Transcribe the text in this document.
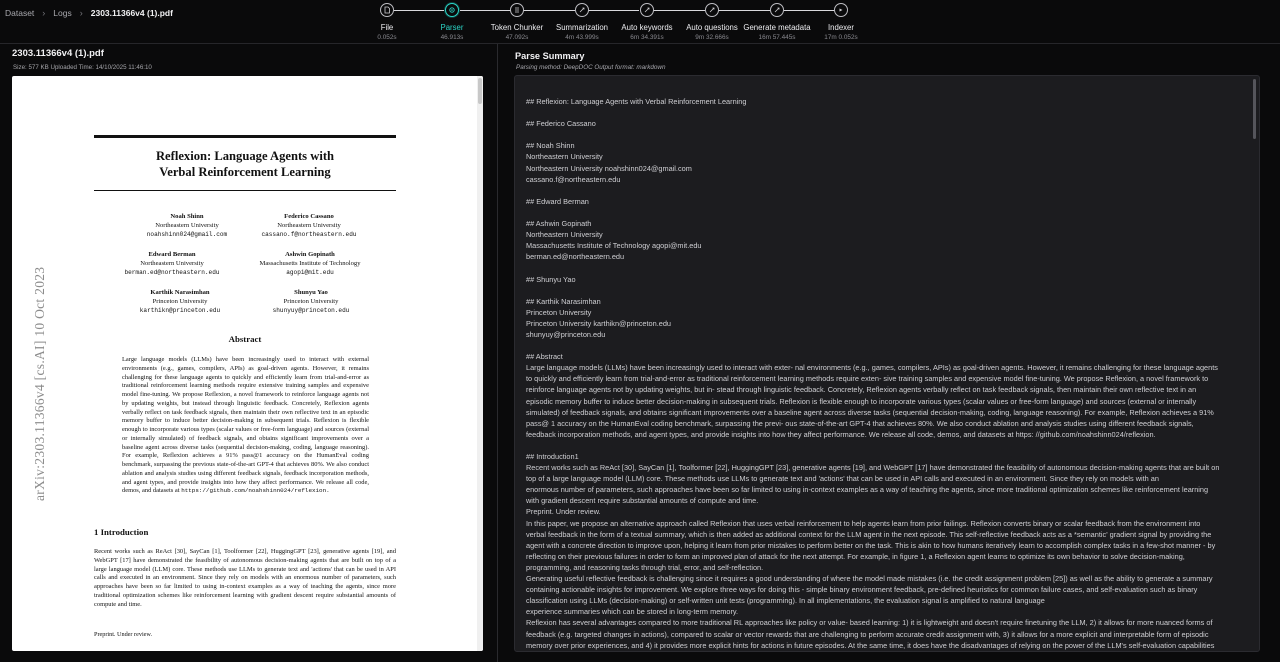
Dataset › Logs › 2303.11366v4 (1).pdf
File
0.052s
Parser
46.913s
Token Chunker
47.092s
Summarization
4m 43.999s
Auto keywords
6m 34.391s
Auto questions
9m 32.666s
Generate metadata
16m 57.445s
Indexer
17m 0.052s
2303.11366v4 (1).pdf
Size: 577 KB Uploaded Time: 14/10/2025 11:46:10
Reflexion: Language Agents with
Verbal Reinforcement Learning
arXiv:2303.11366v4 [cs.AI] 10 Oct 2023
Noah Shinn
Northeastern University
noahshinn024@gmail.com
Federico Cassano
Northeastern University
cassano.f@northeastern.edu
Edward Berman
Northeastern University
berman.ed@northeastern.edu
Ashwin Gopinath
Massachusetts Institute of Technology
agopi@mit.edu
Karthik Narasimhan
Princeton University
karthikn@princeton.edu
Shunyu Yao
Princeton University
shunyuy@princeton.edu
Abstract
Large language models (LLMs) have been increasingly used to interact with external environments (e.g., games, compilers, APIs) as goal-driven agents. However, it remains challenging for these language agents to quickly and efficiently learn from trial-and-error as traditional reinforcement learning methods require extensive training samples and expensive model fine-tuning. We propose Reflexion, a novel framework to reinforce language agents not by updating weights, but instead through linguistic feedback. Concretely, Reflexion agents verbally reflect on task feedback signals, then maintain their own reflective text in an episodic memory buffer to induce better decision-making in subsequent trials. Reflexion is flexible enough to incorporate various types (scalar values or free-form language) and sources (external or internally simulated) of feedback signals, and obtains significant improvements over a baseline agent across diverse tasks (sequential decision-making, coding, language reasoning). For example, Reflexion achieves a 91% pass@1 accuracy on the HumanEval coding benchmark, surpassing the previous state-of-the-art GPT-4 that achieves 80%. We also conduct ablation and analysis studies using different feedback signals, feedback incorporation methods, and agent types, and provide insights into how they affect performance. We release all code, demos, and datasets at https://github.com/noahshinn024/reflexion.
1 Introduction
Recent works such as ReAct [30], SayCan [1], Toolformer [22], HuggingGPT [23], generative agents [19], and WebGPT [17] have demonstrated the feasibility of autonomous decision-making agents that are built on top of a large language model (LLM) core. These methods use LLMs to generate text and 'actions' that can be used in API calls and executed in an environment. Since they rely on models with an enormous number of parameters, such approaches have been so far limited to using in-context examples as a way of teaching the agents, since more traditional optimization schemes like reinforcement learning with gradient descent require substantial amounts of compute and time.
Preprint. Under review.
Parse Summary
Parsing method: DeepDOC Output format: markdown
## Reflexion: Language Agents with Verbal Reinforcement Learning
## Federico Cassano
## Noah Shinn
Northeastern University
Northeastern University noahshinn024@gmail.com
cassano.f@northeastern.edu
## Edward Berman
## Ashwin Gopinath
Northeastern University
Massachusetts Institute of Technology agopi@mit.edu
berman.ed@northeastern.edu
## Shunyu Yao
## Karthik Narasimhan
Princeton University
Princeton University karthikn@princeton.edu
shunyuy@princeton.edu
## Abstract
Large language models (LLMs) have been increasingly used to interact with exter- nal environments (e.g., games, compilers, APIs) as goal-driven agents. However, it remains challenging for these language agents
to quickly and efficiently learn from trial-and-error as traditional reinforcement learning methods require exten- sive training samples and expensive model fine-tuning. We propose Reflexion, a novel framework to
reinforce language agents not by updating weights, but in- stead through linguistic feedback. Concretely, Reflexion agents verbally reflect on task feedback signals, then maintain their own reflective text in an
episodic memory buffer to induce better decision-making in subsequent trials. Reflexion is flexible enough to incorporate various types (scalar values or free-form language) and sources (external or internally
simulated) of feedback signals, and obtains significant improvements over a baseline agent across diverse tasks (sequential decision-making, coding, language reasoning). For example, Reflexion achieves a 91%
pass@ 1 accuracy on the HumanEval coding benchmark, surpassing the previ- ous state-of-the-art GPT-4 that achieves 80%. We also conduct ablation and analysis studies using different feedback signals,
feedback incorporation methods, and agent types, and provide insights into how they affect performance. We release all code, demos, and datasets at https: //github.com/noahshinn024/reflexion.
## Introduction1
Recent works such as ReAct [30], SayCan [1], Toolformer [22], HuggingGPT [23], generative agents [19], and WebGPT [17] have demonstrated the feasibility of autonomous decision-making agents that are built on
top of a large language model (LLM) core. These methods use LLMs to generate text and 'actions' that can be used in API calls and executed in an environment. Since they rely on models with an
enormous number of parameters, such approaches have been so far limited to using in-context examples as a way of teaching the agents, since more traditional optimization schemes like reinforcement learning
with gradient descent require substantial amounts of compute and time.
Preprint. Under review.
In this paper, we propose an alternative approach called Reflexion that uses verbal reinforcement to help agents learn from prior failings. Reflexion converts binary or scalar feedback from the environment into
verbal feedback in the form of a textual summary, which is then added as additional context for the LLM agent in the next episode. This self-reflective feedback acts as a *semantic' gradient signal by providing the
agent with a concrete direction to improve upon, helping it learn from prior mistakes to perform better on the task. This is akin to how humans iteratively learn to accomplish complex tasks in a few-shot manner - by
reflecting on their previous failures in order to form an improved plan of attack for the next attempt. For example, in figure 1, a Reflexion agent learns to optimize its own behavior to solve decision-making,
programming, and reasoning tasks through trial, error, and self-reflection.
Generating useful reflective feedback is challenging since it requires a good understanding of where the model made mistakes (i.e. the credit assignment problem [25]) as well as the ability to generate a summary
containing actionable insights for improvement. We explore three ways for doing this - simple binary environment feedback, pre-defined heuristics for common failure cases, and self-evaluation such as binary
classification using LLMs (decision-making) or self-written unit tests (programming). In all implementations, the evaluation signal is amplified to natural language
experience summaries which can be stored in long-term memory.
Reflexion has several advantages compared to more traditional RL approaches like policy or value- based learning: 1) it is lightweight and doesn't require finetuning the LLM, 2) it allows for more nuanced forms of
feedback (e.g. targeted changes in actions), compared to scalar or vector rewards that are challenging to perform accurate credit assignment with, 3) it allows for a more explicit and interpretable form of episodic
memory over prior experiences, and 4) it provides more explicit hints for actions in future episodes. At the same time, it does have the disadvantages of relying on the power of the LLM's self-evaluation capabilities
